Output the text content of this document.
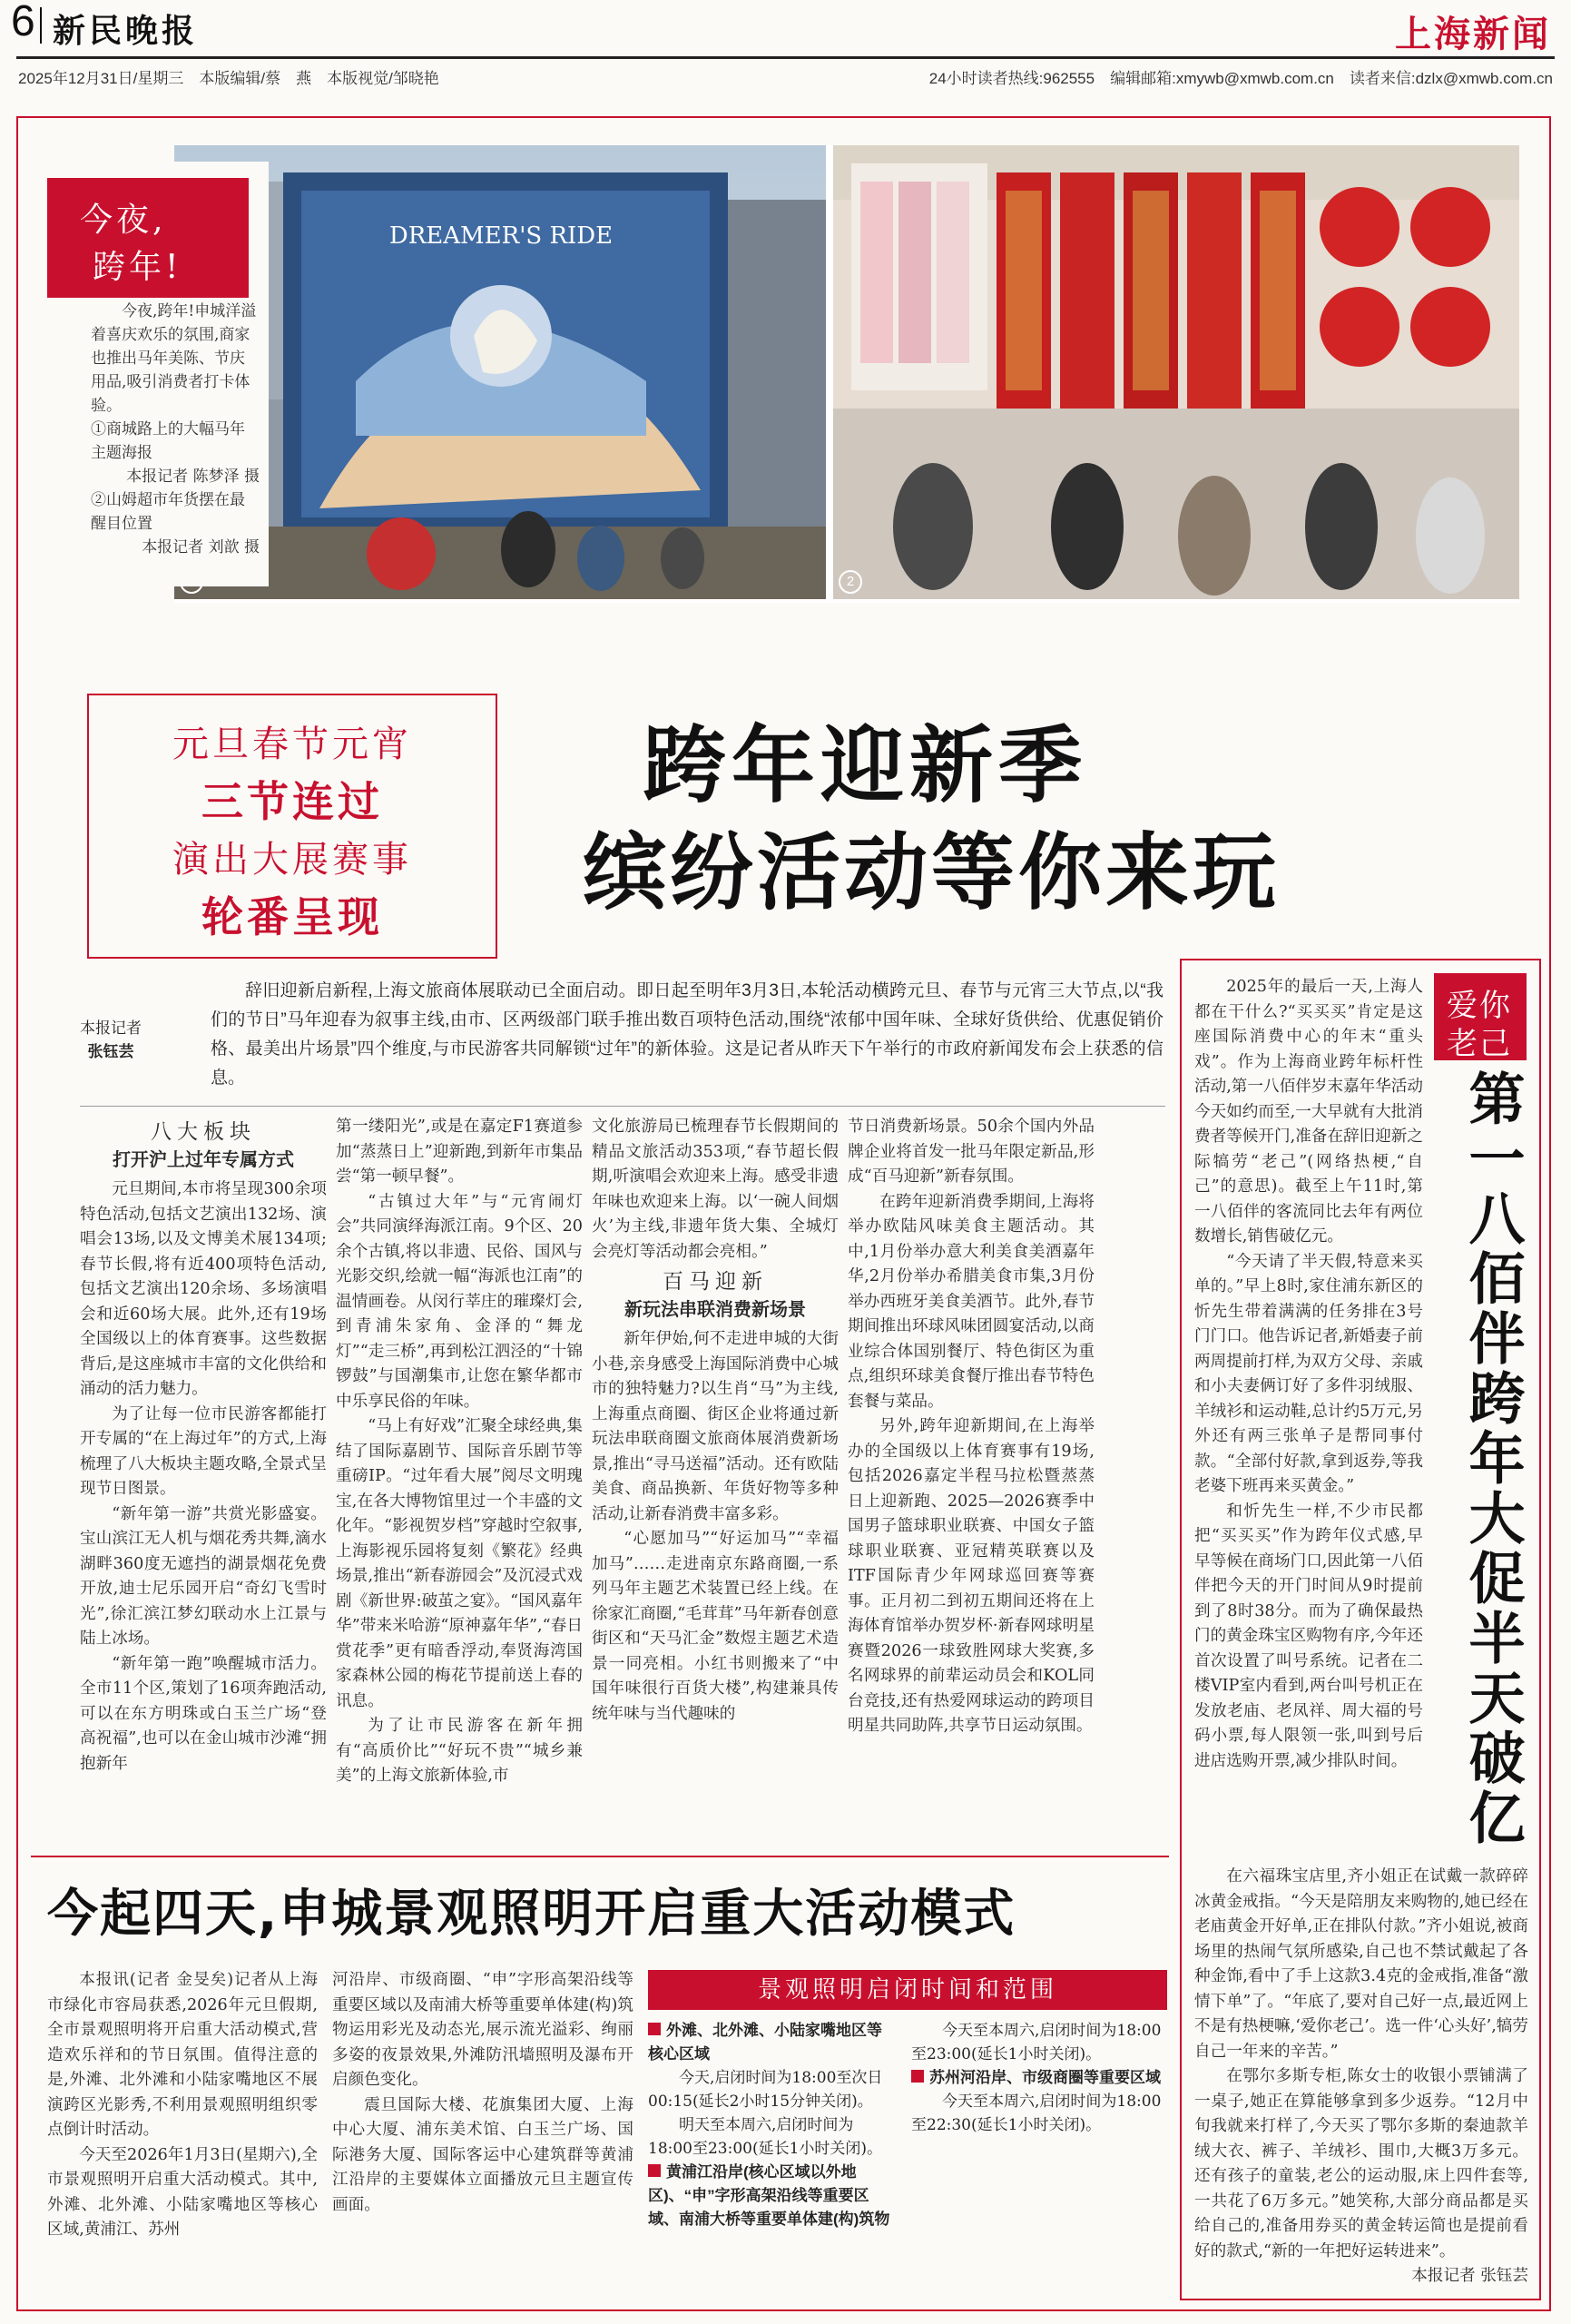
6 新民晚报	上海新闻
2025年12月31日/星期三　本版编辑/蔡　燕　本版视觉/邹晓艳	24小时读者热线:962555　编辑邮箱:xmywb@xmwb.com.cn　读者来信:dzlx@xmwb.com.cn
DREAMER'S RIDE
2
今夜,
跨年!
今夜,跨年!申城洋溢着喜庆欢乐的氛围,商家也推出马年美陈、节庆用品,吸引消费者打卡体验。
①商城路上的大幅马年主题海报
本报记者 陈梦泽 摄
②山姆超市年货摆在最醒目位置
本报记者 刘歆 摄
元旦春节元宵
三节连过
演出大展赛事
轮番呈现
跨年迎新季
缤纷活动等你来玩
本报记者
张钰芸
辞旧迎新启新程,上海文旅商体展联动已全面启动。即日起至明年3月3日,本轮活动横跨元旦、春节与元宵三大节点,以“我们的节日”马年迎春为叙事主线,由市、区两级部门联手推出数百项特色活动,围绕“浓郁中国年味、全球好货供给、优惠促销价格、最美出片场景”四个维度,与市民游客共同解锁“过年”的新体验。这是记者从昨天下午举行的市政府新闻发布会上获悉的信息。
八大板块
打开沪上过年专属方式

元旦期间,本市将呈现300余项特色活动,包括文艺演出132场、演唱会13场,以及文博美术展134项;春节长假,将有近400项特色活动,包括文艺演出120余场、多场演唱会和近60场大展。此外,还有19场全国级以上的体育赛事。这些数据背后,是这座城市丰富的文化供给和涌动的活力魅力。

为了让每一位市民游客都能打开专属的“在上海过年”的方式,上海梳理了八大板块主题攻略,全景式呈现节日图景。

“新年第一游”共赏光影盛宴。宝山滨江无人机与烟花秀共舞,滴水湖畔360度无遮挡的湖景烟花免费开放,迪士尼乐园开启“奇幻飞雪时光”,徐汇滨江梦幻联动水上江景与陆上冰场。

“新年第一跑”唤醒城市活力。全市11个区,策划了16项奔跑活动,可以在东方明珠或白玉兰广场“登高祝福”,也可以在金山城市沙滩“拥抱新年

第一缕阳光”,或是在嘉定F1赛道参加“蒸蒸日上”迎新跑,到新年市集品尝“第一顿早餐”。

“古镇过大年”与“元宵闹灯会”共同演绎海派江南。9个区、20余个古镇,将以非遗、民俗、国风与光影交织,绘就一幅“海派也江南”的温情画卷。从闵行莘庄的璀璨灯会,到青浦朱家角、金泽的“舞龙灯”“走三桥”,再到松江泗泾的“十锦锣鼓”与国潮集市,让您在繁华都市中乐享民俗的年味。

“马上有好戏”汇聚全球经典,集结了国际嘉剧节、国际音乐剧节等重磅IP。“过年看大展”阅尽文明瑰宝,在各大博物馆里过一个丰盛的文化年。“影视贺岁档”穿越时空叙事,上海影视乐园将复刻《繁花》经典场景,推出“新春游园会”及沉浸式戏剧《新世界:破茧之宴》。“国风嘉年华”带来米哈游“原神嘉年华”,“春日赏花季”更有暗香浮动,奉贤海湾国家森林公园的梅花节提前送上春的讯息。

为了让市民游客在新年拥有“高质价比”“好玩不贵”“城乡兼美”的上海文旅新体验,市

文化旅游局已梳理春节长假期间的精品文旅活动353项,“春节超长假期,听演唱会欢迎来上海。感受非遗年味也欢迎来上海。以‘一碗人间烟火’为主线,非遗年货大集、全城灯会亮灯等活动都会亮相。”

百马迎新
新玩法串联消费新场景

新年伊始,何不走进申城的大街小巷,亲身感受上海国际消费中心城市的独特魅力?以生肖“马”为主线,上海重点商圈、街区企业将通过新玩法串联商圈文旅商体展消费新场景,推出“寻马送福”活动。还有欧陆美食、商品换新、年货好物等多种活动,让新春消费丰富多彩。

“心愿加马”“好运加马”“幸福加马”……走进南京东路商圈,一系列马年主题艺术装置已经上线。在徐家汇商圈,“毛茸茸”马年新春创意街区和“天马汇金”数煜主题艺术造景一同亮相。小红书则搬来了“中国年味很行百货大楼”,构建兼具传统年味与当代趣味的

节日消费新场景。50余个国内外品牌企业将首发一批马年限定新品,形成“百马迎新”新春氛围。

在跨年迎新消费季期间,上海将举办欧陆风味美食主题活动。其中,1月份举办意大利美食美酒嘉年华,2月份举办希腊美食市集,3月份举办西班牙美食美酒节。此外,春节期间推出环球风味团圆宴活动,以商业综合体国别餐厅、特色街区为重点,组织环球美食餐厅推出春节特色套餐与菜品。

另外,跨年迎新期间,在上海举办的全国级以上体育赛事有19场,包括2026嘉定半程马拉松暨蒸蒸日上迎新跑、2025—2026赛季中国男子篮球职业联赛、中国女子篮球职业联赛、亚冠精英联赛以及ITF国际青少年网球巡回赛等赛事。正月初二到初五期间还将在上海体育馆举办贺岁杯·新春网球明星赛暨2026一球致胜网球大奖赛,多名网球界的前辈运动员会和KOL同台竞技,还有热爱网球运动的跨项目明星共同助阵,共享节日运动氛围。

爱你
老己
第一八佰伴跨年大促半天破亿

2025年的最后一天,上海人都在干什么?“买买买”肯定是这座国际消费中心的年末“重头戏”。作为上海商业跨年标杆性活动,第一八佰伴岁末嘉年华活动今天如约而至,一大早就有大批消费者等候开门,准备在辞旧迎新之际犒劳“老己”(网络热梗,“自己”的意思)。截至上午11时,第一八佰伴的客流同比去年有两位数增长,销售破亿元。

“今天请了半天假,特意来买单的。”早上8时,家住浦东新区的忻先生带着满满的任务排在3号门门口。他告诉记者,新婚妻子前两周提前打样,为双方父母、亲戚和小夫妻俩订好了多件羽绒服、羊绒衫和运动鞋,总计约5万元,另外还有两三张单子是帮同事付款。“全部付好款,拿到返券,等我老婆下班再来买黄金。”

和忻先生一样,不少市民都把“买买买”作为跨年仪式感,早早等候在商场门口,因此第一八佰伴把今天的开门时间从9时提前到了8时38分。而为了确保最热门的黄金珠宝区购物有序,今年还首次设置了叫号系统。记者在二楼VIP室内看到,两台叫号机正在发放老庙、老凤祥、周大福的号码小票,每人限领一张,叫到号后进店选购开票,减少排队时间。

在六福珠宝店里,齐小姐正在试戴一款碎碎冰黄金戒指。“今天是陪朋友来购物的,她已经在老庙黄金开好单,正在排队付款。”齐小姐说,被商场里的热闹气氛所感染,自己也不禁试戴起了各种金饰,看中了手上这款3.4克的金戒指,准备“激情下单”了。“年底了,要对自己好一点,最近网上不是有热梗嘛,‘爱你老己’。选一件‘心头好’,犒劳自己一年来的辛苦。”

在鄂尔多斯专柜,陈女士的收银小票铺满了一桌子,她正在算能够拿到多少返券。“12月中旬我就来打样了,今天买了鄂尔多斯的秦迪款羊绒大衣、裤子、羊绒衫、围巾,大概3万多元。还有孩子的童装,老公的运动服,床上四件套等,一共花了6万多元。”她笑称,大部分商品都是买给自己的,准备用券买的黄金转运简也是提前看好的款式,“新的一年把好运转进来”。

本报记者 张钰芸
今起四天,申城景观照明开启重大活动模式

本报讯(记者 金旻矣)记者从上海市绿化市容局获悉,2026年元旦假期,全市景观照明将开启重大活动模式,营造欢乐祥和的节日氛围。值得注意的是,外滩、北外滩和小陆家嘴地区不展演跨区光影秀,不利用景观照明组织零点倒计时活动。

今天至2026年1月3日(星期六),全市景观照明开启重大活动模式。其中,外滩、北外滩、小陆家嘴地区等核心区域,黄浦江、苏州

河沿岸、市级商圈、“申”字形高架沿线等重要区域以及南浦大桥等重要单体建(构)筑物运用彩光及动态光,展示流光溢彩、绚丽多姿的夜景效果,外滩防汛墙照明及瀑布开启颜色变化。

震旦国际大楼、花旗集团大厦、上海中心大厦、浦东美术馆、白玉兰广场、国际港务大厦、国际客运中心建筑群等黄浦江沿岸的主要媒体立面播放元旦主题宣传画面。

景观照明启闭时间和范围

外滩、北外滩、小陆家嘴地区等核心区域

今天,启闭时间为18:00至次日00:15(延长2小时15分钟关闭)。

明天至本周六,启闭时间为18:00至23:00(延长1小时关闭)。

黄浦江沿岸(核心区域以外地区)、“申”字形高架沿线等重要区域、南浦大桥等重要单体建(构)筑物

今天至本周六,启闭时间为18:00至23:00(延长1小时关闭)。

苏州河沿岸、市级商圈等重要区域

今天至本周六,启闭时间为18:00至22:30(延长1小时关闭)。
